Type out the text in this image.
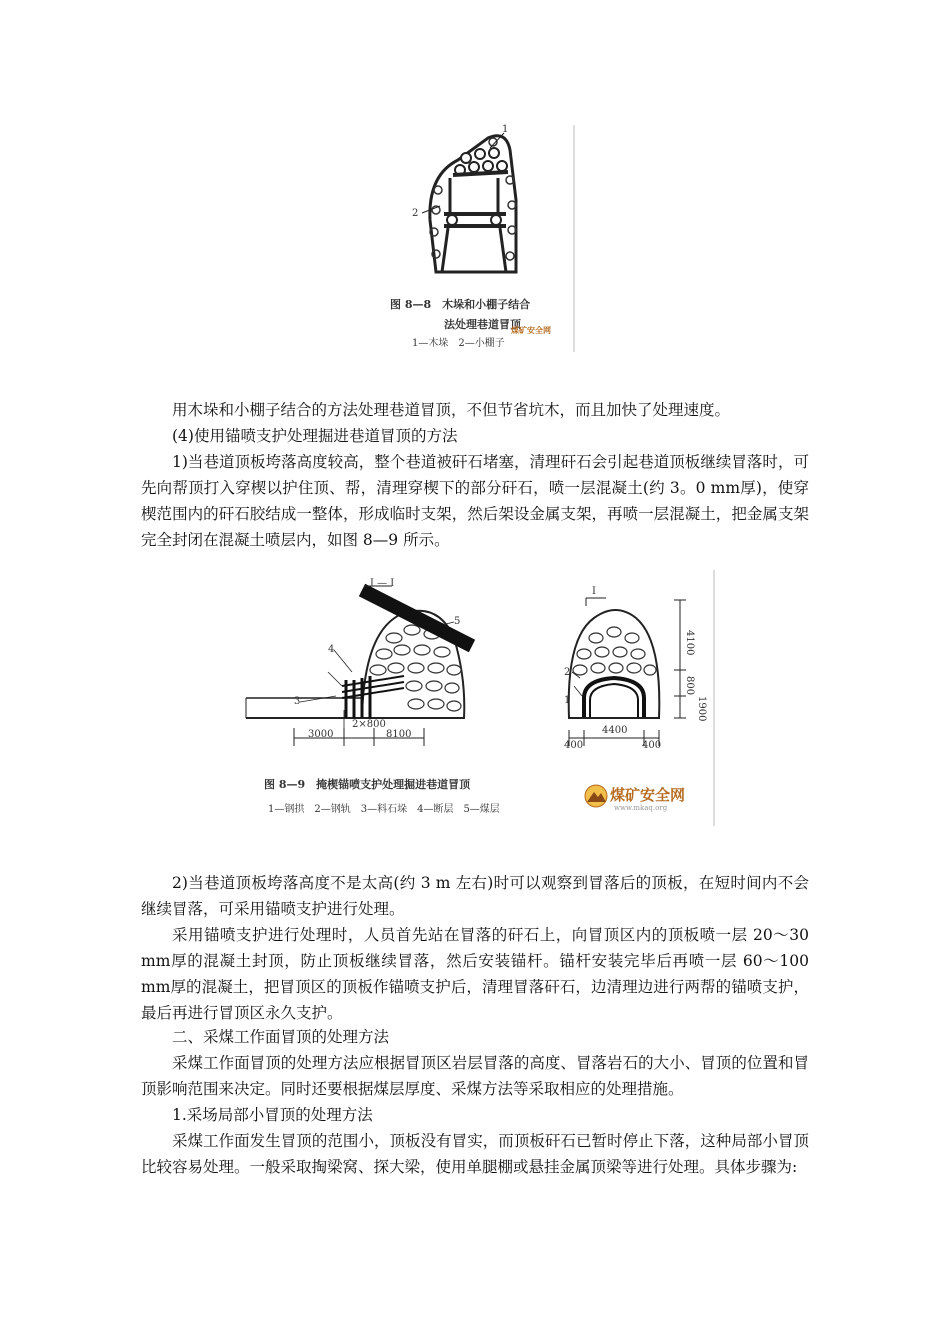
1
2
图 8—8　木垛和小棚子结合
法处理巷道冒顶
1—木垛　2—小棚子
煤矿安全网

用木垛和小棚子结合的方法处理巷道冒顶，不但节省坑木，而且加快了处理速度。

(4)使用锚喷支护处理掘进巷道冒顶的方法

1)当巷道顶板垮落高度较高，整个巷道被矸石堵塞，清理矸石会引起巷道顶板继续冒落时，可先向帮顶打入穿楔以护住顶、帮，清理穿楔下的部分矸石，喷一层混凝土(约 3。0 mm厚)，使穿楔范围内的矸石胶结成一整体，形成临时支架，然后架设金属支架，再喷一层混凝土，把金属支架完全封闭在混凝土喷层内，如图 8—9 所示。

I — I
I
1
2
3
4
5
3000
2×800
8100
4100
800
1900
4400
400	400
图 8—9　掩楔锚喷支护处理掘进巷道冒顶
1—钢拱　2—钢轨　3—料石垛　4—断层　5—煤层
煤矿安全网
www.mkaq.org

2)当巷道顶板垮落高度不是太高(约 3 m 左右)时可以观察到冒落后的顶板，在短时间内不会继续冒落，可采用锚喷支护进行处理。

采用锚喷支护进行处理时，人员首先站在冒落的矸石上，向冒顶区内的顶板喷一层 20～30 mm厚的混凝土封顶，防止顶板继续冒落，然后安装锚杆。锚杆安装完毕后再喷一层 60～100 mm厚的混凝土，把冒顶区的顶板作锚喷支护后，清理冒落矸石，边清理边进行两帮的锚喷支护，最后再进行冒顶区永久支护。

二、采煤工作面冒顶的处理方法

采煤工作面冒顶的处理方法应根据冒顶区岩层冒落的高度、冒落岩石的大小、冒顶的位置和冒顶影响范围来决定。同时还要根据煤层厚度、采煤方法等采取相应的处理措施。

1.采场局部小冒顶的处理方法

采煤工作面发生冒顶的范围小，顶板没有冒实，而顶板矸石已暂时停止下落，这种局部小冒顶比较容易处理。一般采取掏梁窝、探大梁，使用单腿棚或悬挂金属顶梁等进行处理。具体步骤为:
